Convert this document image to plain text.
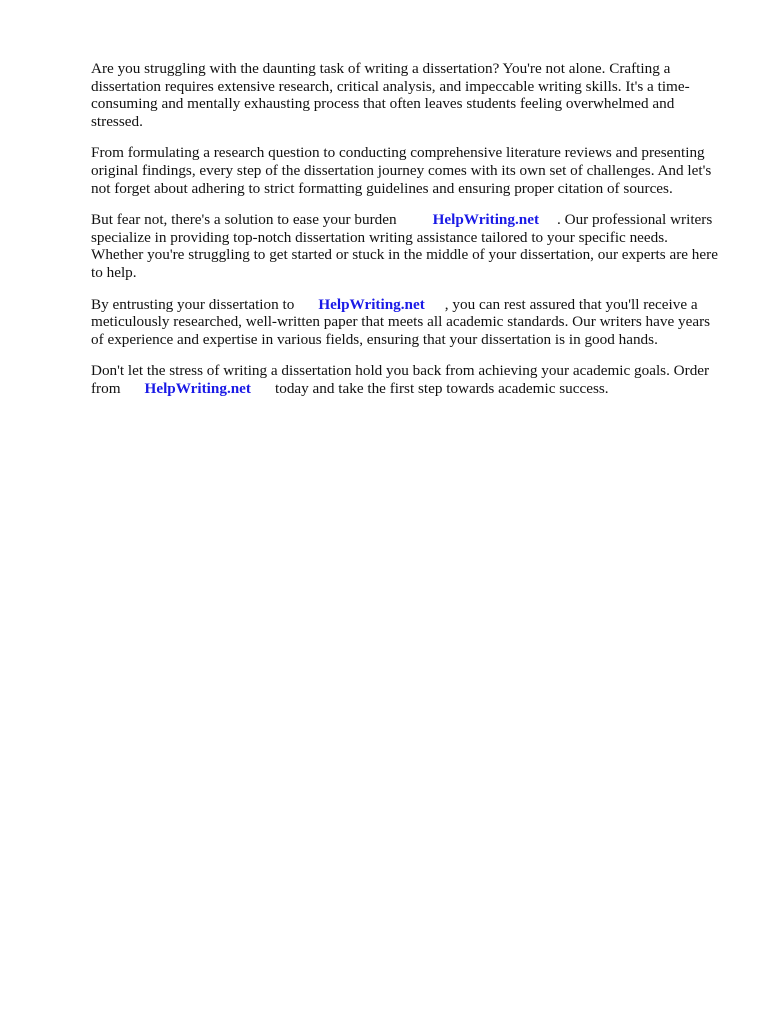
Are you struggling with the daunting task of writing a dissertation? You're not alone. Crafting a dissertation requires extensive research, critical analysis, and impeccable writing skills. It's a time-consuming and mentally exhausting process that often leaves students feeling overwhelmed and stressed.

From formulating a research question to conducting comprehensive literature reviews and presenting original findings, every step of the dissertation journey comes with its own set of challenges. And let's not forget about adhering to strict formatting guidelines and ensuring proper citation of sources.

But fear not, there's a solution to ease your burden HelpWriting.net . Our professional writers specialize in providing top-notch dissertation writing assistance tailored to your specific needs. Whether you're struggling to get started or stuck in the middle of your dissertation, our experts are here to help.

By entrusting your dissertation to HelpWriting.net , you can rest assured that you'll receive a meticulously researched, well-written paper that meets all academic standards. Our writers have years of experience and expertise in various fields, ensuring that your dissertation is in good hands.

Don't let the stress of writing a dissertation hold you back from achieving your academic goals. Order from HelpWriting.net today and take the first step towards academic success.
